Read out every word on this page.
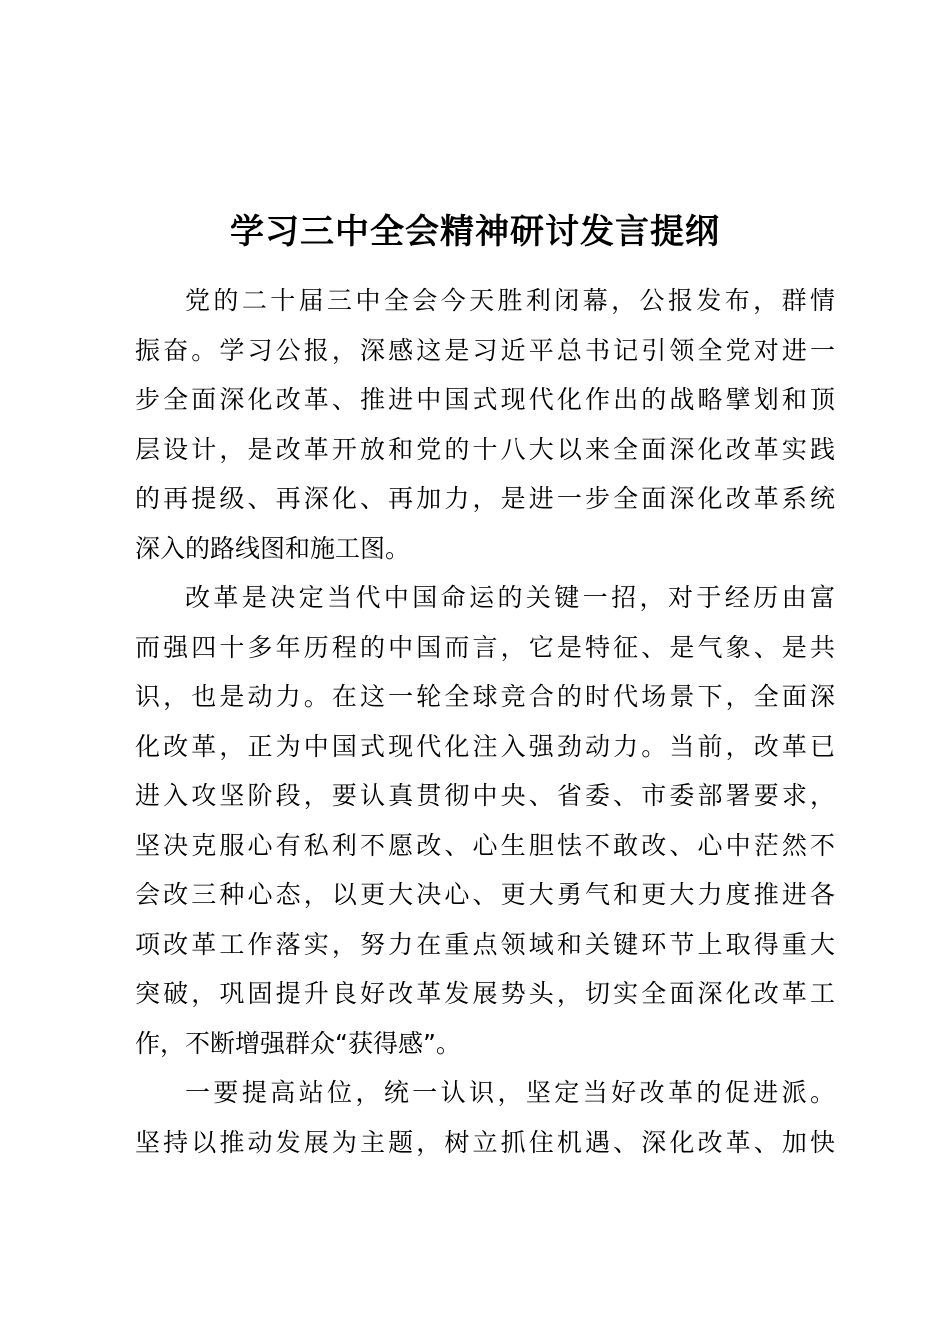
学习三中全会精神研讨发言提纲
党的二十届三中全会今天胜利闭幕，公报发布，群情
振奋。学习公报，深感这是习近平总书记引领全党对进一
步全面深化改革、推进中国式现代化作出的战略擘划和顶
层设计，是改革开放和党的十八大以来全面深化改革实践
的再提级、再深化、再加力，是进一步全面深化改革系统
深入的路线图和施工图。
改革是决定当代中国命运的关键一招，对于经历由富
而强四十多年历程的中国而言，它是特征、是气象、是共
识，也是动力。在这一轮全球竞合的时代场景下，全面深
化改革，正为中国式现代化注入强劲动力。当前，改革已
进入攻坚阶段，要认真贯彻中央、省委、市委部署要求，
坚决克服心有私利不愿改、心生胆怯不敢改、心中茫然不
会改三种心态，以更大决心、更大勇气和更大力度推进各
项改革工作落实，努力在重点领域和关键环节上取得重大
突破，巩固提升良好改革发展势头，切实全面深化改革工
作，不断增强群众“获得感”。
一要提高站位，统一认识，坚定当好改革的促进派。
坚持以推动发展为主题，树立抓住机遇、深化改革、加快
